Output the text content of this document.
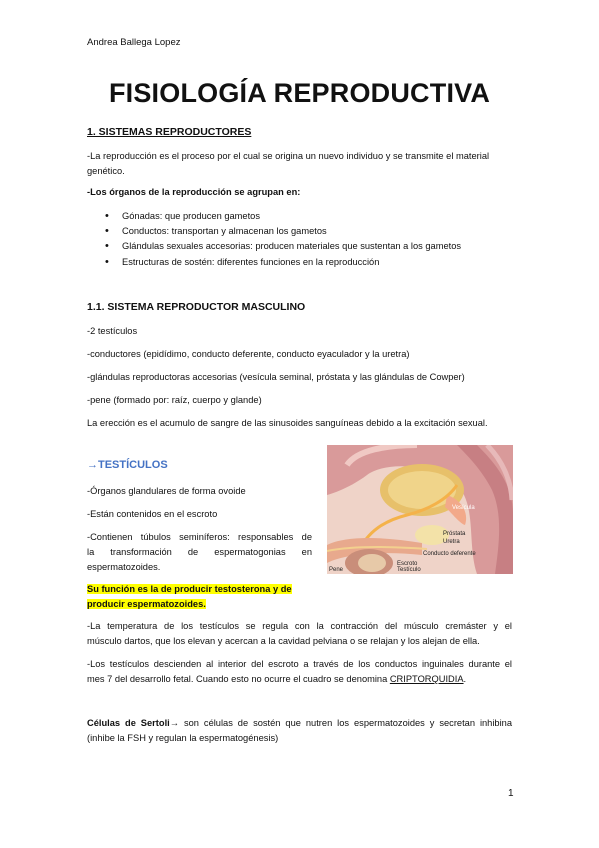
Andrea Ballega Lopez
FISIOLOGÍA REPRODUCTIVA
1. SISTEMAS REPRODUCTORES
-La reproducción es el proceso por el cual se origina un nuevo individuo y se transmite el material
genético.
-Los órganos de la reproducción se agrupan en:
• Gónadas: que producen gametos
• Conductos: transportan y almacenan los gametos
• Glándulas sexuales accesorias: producen materiales que sustentan a los gametos
• Estructuras de sostén: diferentes funciones en la reproducción
1.1. SISTEMA REPRODUCTOR MASCULINO
-2 testículos
-conductores (epidídimo, conducto deferente, conducto eyaculador y la uretra)
-glándulas reproductoras accesorias (vesícula seminal, próstata y las glándulas de Cowper)
-pene (formado por: raíz, cuerpo y glande)
La erección es el acumulo de sangre de las sinusoides sanguíneas debido a la excitación sexual.
→TESTÍCULOS
-Órganos glandulares de forma ovoide
-Están contenidos en el escroto
-Contienen túbulos seminíferos: responsables de
la transformación de espermatogonias en
espermatozoides.
Su función es la de producir testosterona y de
producir espermatozoides.
-La temperatura de los testículos se regula con la contracción del músculo cremáster y el
músculo dartos, que los elevan y acercan a la cavidad pelviana o se relajan y los alejan de ella.
-Los testículos descienden al interior del escroto a través de los conductos inguinales durante el
mes 7 del desarrollo fetal. Cuando esto no ocurre el cuadro se denomina CRIPTORQUIDIA.
Células de Sertoli→ son células de sostén que nutren los espermatozoides y secretan inhibina
(inhibe la FSH y regulan la espermatogénesis)
Vesícula
Próstata
Uretra
Conducto deferente
Escroto
Testículo
Pene
1
